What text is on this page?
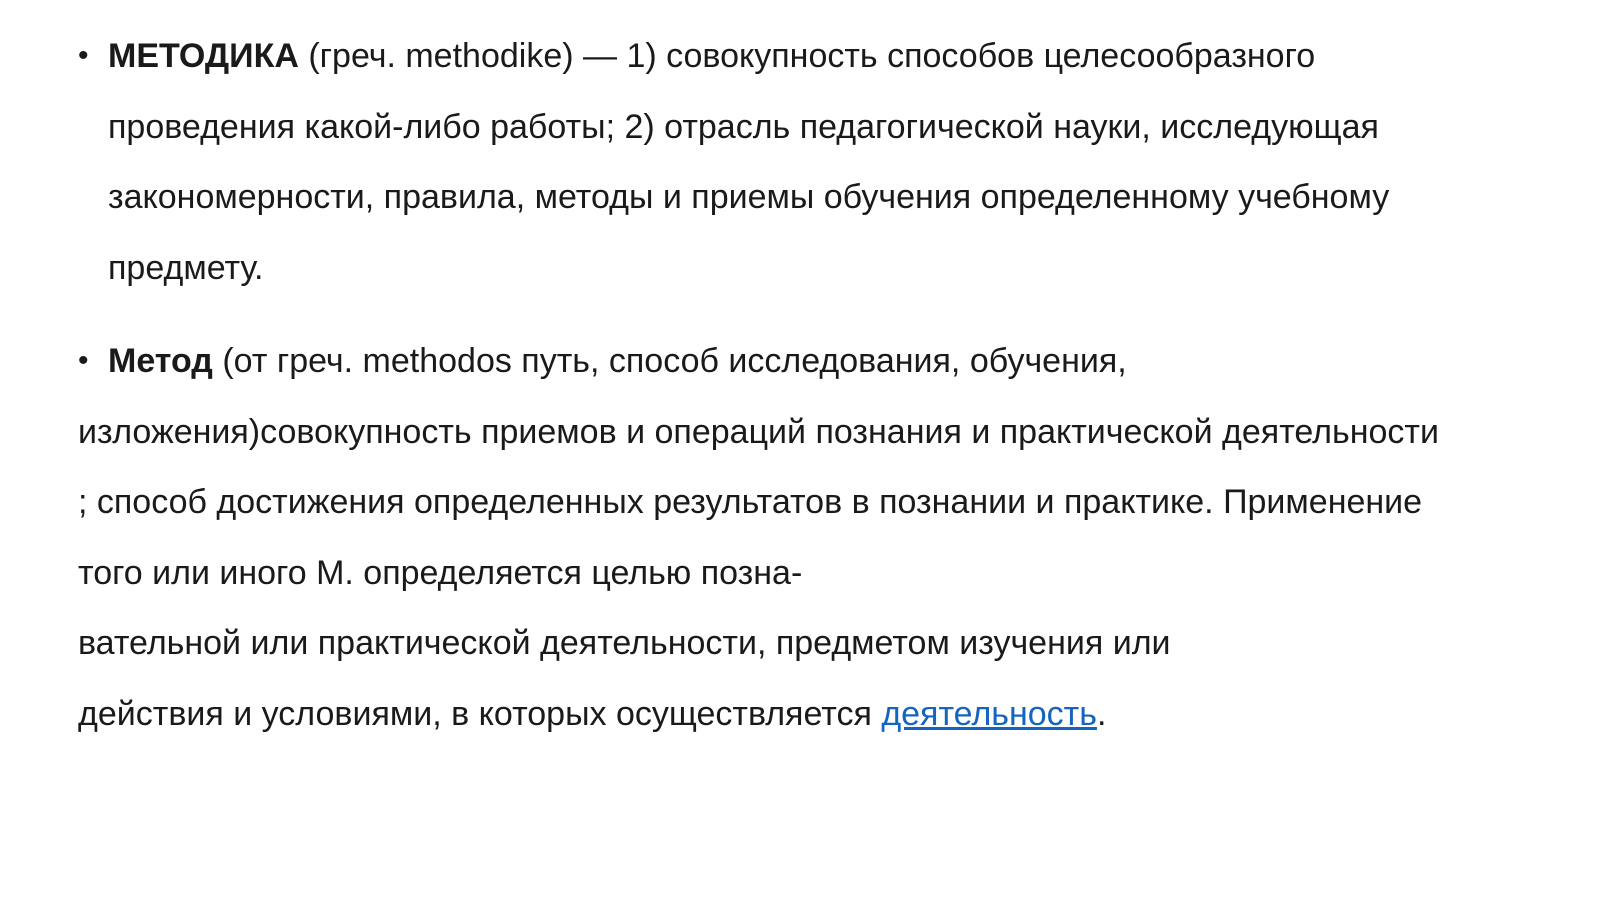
• МЕТОДИКА (греч. methodike) — 1) совокупность способов целесообразного
проведения какой-либо работы; 2) отрасль педагогической науки, исследующая
закономерности, правила, методы и приемы обучения определенному учебному
предмету.
• Метод (от греч. methodos путь, способ исследования, обучения,
изложения)совокупность приемов и операций познания и практической деятельности
; способ достижения определенных результатов в познании и практике. Применение
того или иного М. определяется целью позна-
вательной или практической деятельности, предметом изучения или
действия и условиями, в которых осуществляется деятельность.
